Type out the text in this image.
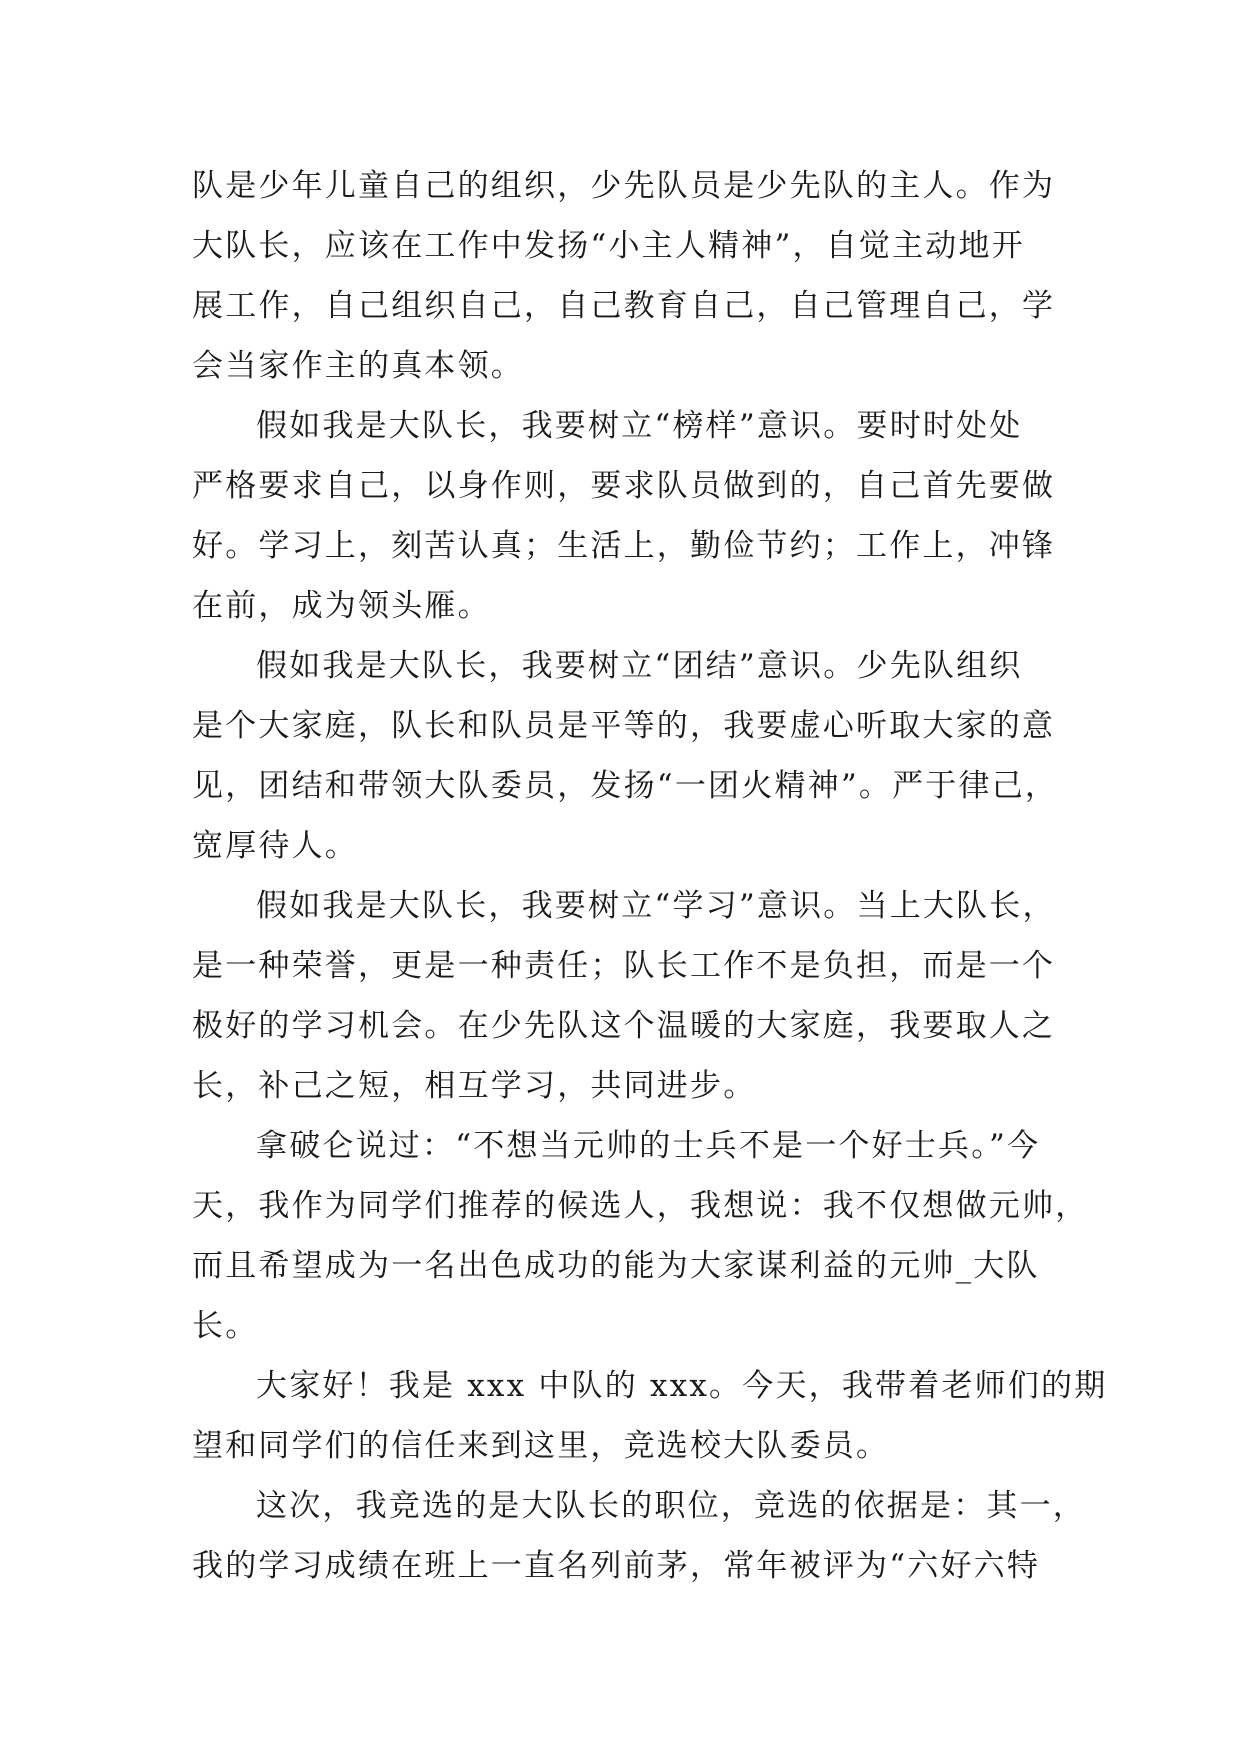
队是少年儿童自己的组织，少先队员是少先队的主人。作为
大队长，应该在工作中发扬“小主人精神”，自觉主动地开
展工作，自己组织自己，自己教育自己，自己管理自己，学
会当家作主的真本领。
假如我是大队长，我要树立“榜样”意识。要时时处处
严格要求自己，以身作则，要求队员做到的，自己首先要做
好。学习上，刻苦认真；生活上，勤俭节约；工作上，冲锋
在前，成为领头雁。
假如我是大队长，我要树立“团结”意识。少先队组织
是个大家庭，队长和队员是平等的，我要虚心听取大家的意
见，团结和带领大队委员，发扬“一团火精神”。严于律己，
宽厚待人。
假如我是大队长，我要树立“学习”意识。当上大队长，
是一种荣誉，更是一种责任；队长工作不是负担，而是一个
极好的学习机会。在少先队这个温暖的大家庭，我要取人之
长，补己之短，相互学习，共同进步。
拿破仑说过：“不想当元帅的士兵不是一个好士兵。”今
天，我作为同学们推荐的候选人，我想说：我不仅想做元帅，
而且希望成为一名出色成功的能为大家谋利益的元帅_大队
长。
大家好！我是 xxx 中队的 xxx。今天，我带着老师们的期
望和同学们的信任来到这里，竞选校大队委员。
这次，我竞选的是大队长的职位，竞选的依据是：其一，
我的学习成绩在班上一直名列前茅，常年被评为“六好六特
